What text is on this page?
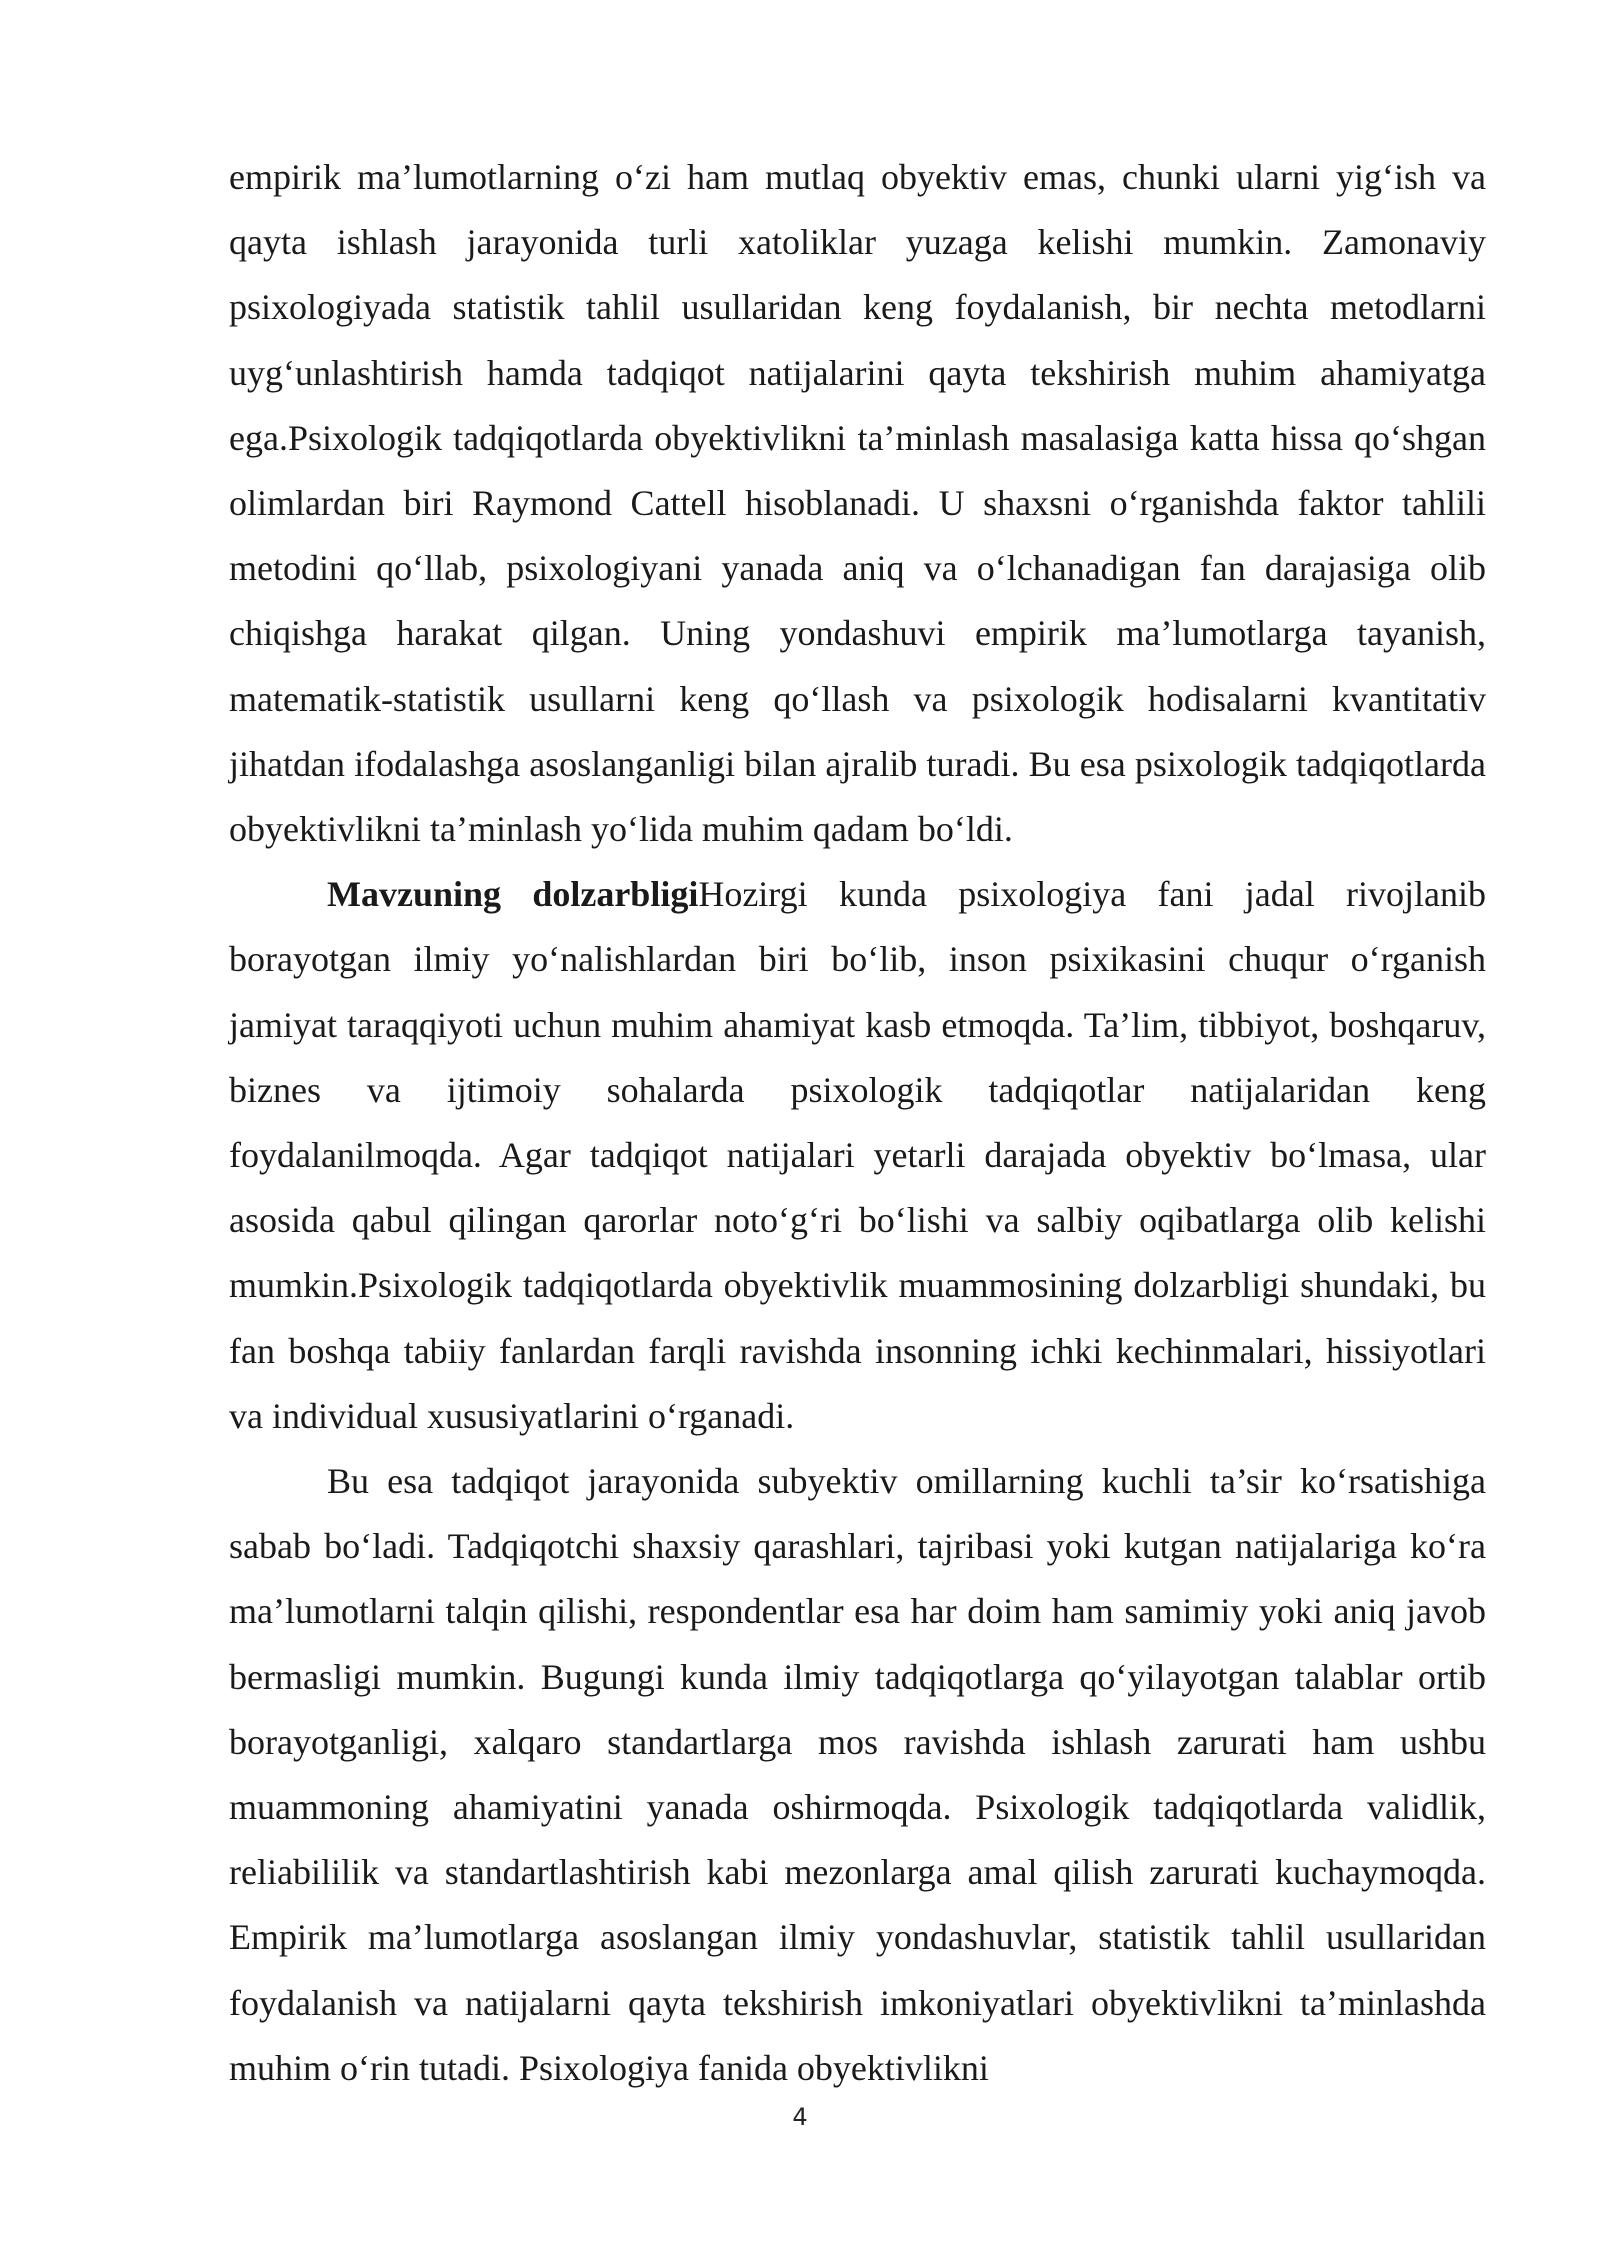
empirik ma’lumotlarning o‘zi ham mutlaq obyektiv emas, chunki ularni yig‘ish va qayta ishlash jarayonida turli xatoliklar yuzaga kelishi mumkin. Zamonaviy psixologiyada statistik tahlil usullaridan keng foydalanish, bir nechta metodlarni uyg‘unlashtirish hamda tadqiqot natijalarini qayta tekshirish muhim ahamiyatga ega.Psixologik tadqiqotlarda obyektivlikni ta’minlash masalasiga katta hissa qo‘shgan olimlardan biri Raymond Cattell hisoblanadi. U shaxsni o‘rganishda faktor tahlili metodini qo‘llab, psixologiyani yanada aniq va o‘lchanadigan fan darajasiga olib chiqishga harakat qilgan. Uning yondashuvi empirik ma’lumotlarga tayanish, matematik-statistik usullarni keng qo‘llash va psixologik hodisalarni kvantitativ jihatdan ifodalashga asoslanganligi bilan ajralib turadi. Bu esa psixologik tadqiqotlarda obyektivlikni ta’minlash yo‘lida muhim qadam bo‘ldi.

Mavzuning dolzarbligiHozirgi kunda psixologiya fani jadal rivojlanib borayotgan ilmiy yo‘nalishlardan biri bo‘lib, inson psixikasini chuqur o‘rganish jamiyat taraqqiyoti uchun muhim ahamiyat kasb etmoqda. Ta’lim, tibbiyot, boshqaruv, biznes va ijtimoiy sohalarda psixologik tadqiqotlar natijalaridan keng foydalanilmoqda. Agar tadqiqot natijalari yetarli darajada obyektiv bo‘lmasa, ular asosida qabul qilingan qarorlar noto‘g‘ri bo‘lishi va salbiy oqibatlarga olib kelishi mumkin.Psixologik tadqiqotlarda obyektivlik muammosining dolzarbligi shundaki, bu fan boshqa tabiiy fanlardan farqli ravishda insonning ichki kechinmalari, hissiyotlari va individual xususiyatlarini o‘rganadi.

Bu esa tadqiqot jarayonida subyektiv omillarning kuchli ta’sir ko‘rsatishiga sabab bo‘ladi. Tadqiqotchi shaxsiy qarashlari, tajribasi yoki kutgan natijalariga ko‘ra ma’lumotlarni talqin qilishi, respondentlar esa har doim ham samimiy yoki aniq javob bermasligi mumkin. Bugungi kunda ilmiy tadqiqotlarga qo‘yilayotgan talablar ortib borayotganligi, xalqaro standartlarga mos ravishda ishlash zarurati ham ushbu muammoning ahamiyatini yanada oshirmoqda. Psixologik tadqiqotlarda validlik, reliabililik va standartlashtirish kabi mezonlarga amal qilish zarurati kuchaymoqda. Empirik ma’lumotlarga asoslangan ilmiy yondashuvlar, statistik tahlil usullaridan foydalanish va natijalarni qayta tekshirish imkoniyatlari obyektivlikni ta’minlashda muhim o‘rin tutadi. Psixologiya fanida obyektivlikni

4
